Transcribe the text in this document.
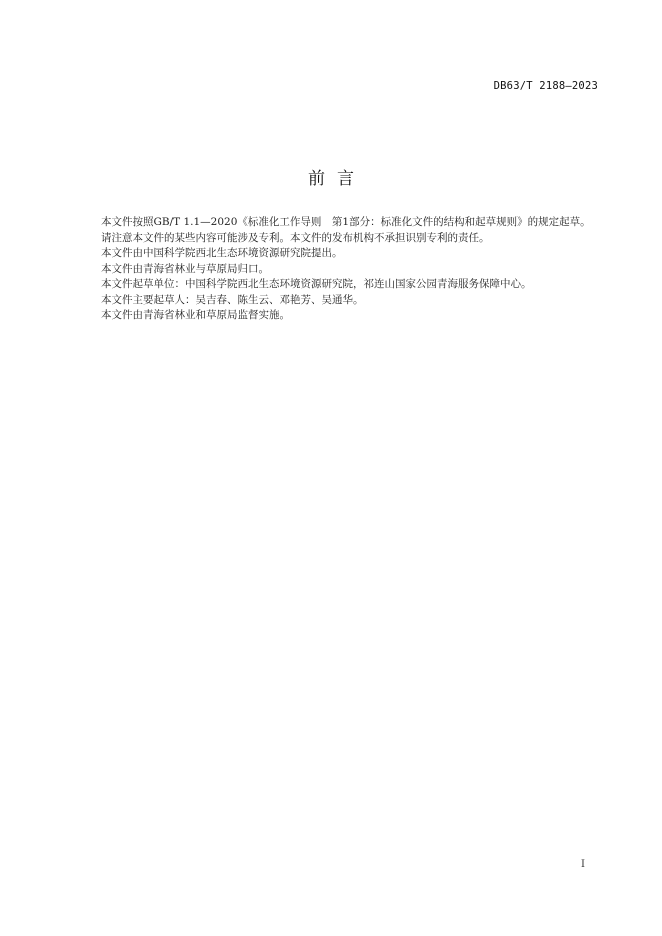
DB63/T 2188—2023
前言

本文件按照GB/T 1.1—2020《标准化工作导则　第1部分：标准化文件的结构和起草规则》的规定起草。

请注意本文件的某些内容可能涉及专利。本文件的发布机构不承担识别专利的责任。

本文件由中国科学院西北生态环境资源研究院提出。

本文件由青海省林业与草原局归口。

本文件起草单位：中国科学院西北生态环境资源研究院，祁连山国家公园青海服务保障中心。

本文件主要起草人：吴吉春、陈生云、邓艳芳、吴通华。

本文件由青海省林业和草原局监督实施。

I
